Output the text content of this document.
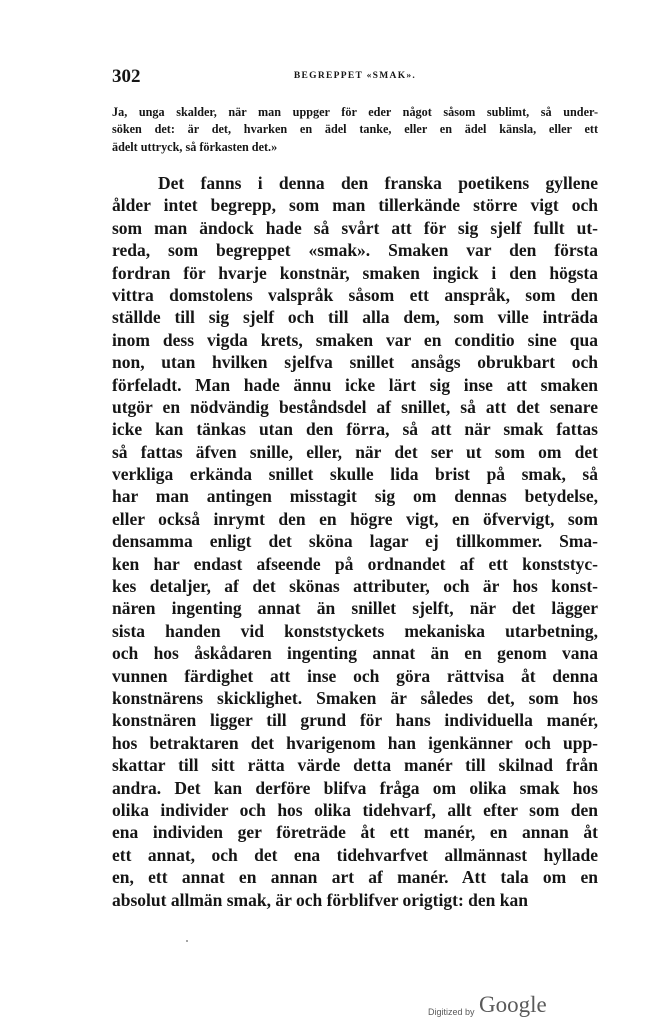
302	BEGREPPET «SMAK».
Ja, unga skalder, när man uppger för eder något såsom sublimt, så under-
söken det: är det, hvarken en ädel tanke, eller en ädel känsla, eller ett
ädelt uttryck, så förkasten det.»
Det fanns i denna den franska poetikens gyllene
ålder intet begrepp, som man tillerkände större vigt och
som man ändock hade så svårt att för sig sjelf fullt ut-
reda, som begreppet «smak». Smaken var den första
fordran för hvarje konstnär, smaken ingick i den högsta
vittra domstolens valspråk såsom ett anspråk, som den
ställde till sig sjelf och till alla dem, som ville inträda
inom dess vigda krets, smaken var en conditio sine qua
non, utan hvilken sjelfva snillet ansågs obrukbart och
förfeladt. Man hade ännu icke lärt sig inse att smaken
utgör en nödvändig beståndsdel af snillet, så att det senare
icke kan tänkas utan den förra, så att när smak fattas
så fattas äfven snille, eller, när det ser ut som om det
verkliga erkända snillet skulle lida brist på smak, så
har man antingen misstagit sig om dennas betydelse,
eller också inrymt den en högre vigt, en öfvervigt, som
densamma enligt det sköna lagar ej tillkommer. Sma-
ken har endast afseende på ordnandet af ett konststyc-
kes detaljer, af det skönas attributer, och är hos konst-
nären ingenting annat än snillet sjelft, när det lägger
sista handen vid konststyckets mekaniska utarbetning,
och hos åskådaren ingenting annat än en genom vana
vunnen färdighet att inse och göra rättvisa åt denna
konstnärens skicklighet. Smaken är således det, som hos
konstnären ligger till grund för hans individuella manér,
hos betraktaren det hvarigenom han igenkänner och upp-
skattar till sitt rätta värde detta manér till skilnad från
andra. Det kan derföre blifva fråga om olika smak hos
olika individer och hos olika tidehvarf, allt efter som den
ena individen ger företräde åt ett manér, en annan åt
ett annat, och det ena tidehvarfvet allmännast hyllade
en, ett annat en annan art af manér. Att tala om en
absolut allmän smak, är och förblifver origtigt: den kan
Digitized by Google
